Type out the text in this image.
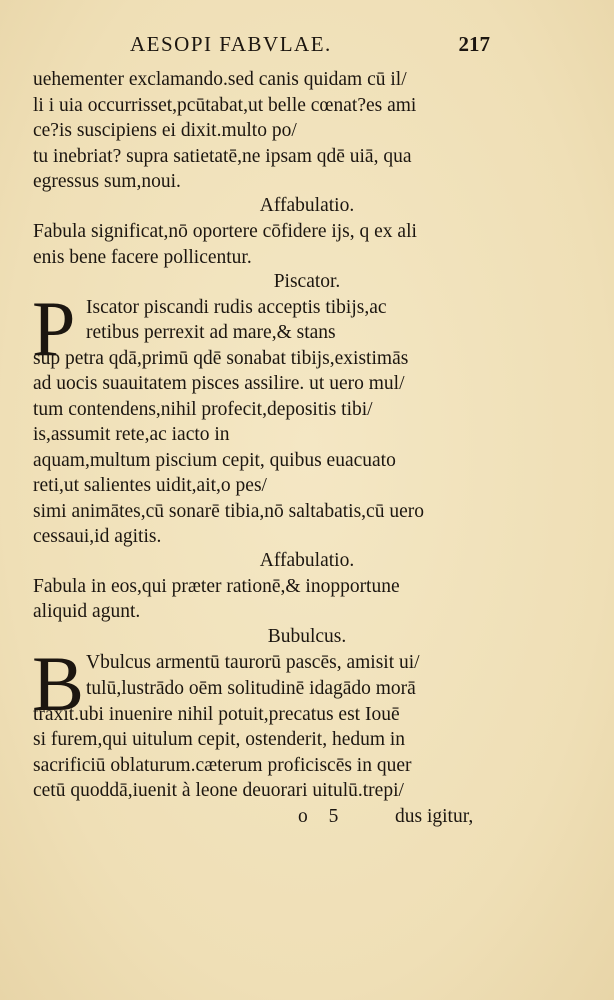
AESOPI FABVLAE.	217
uehementer exclamando.sed canis quidam cū il/
li i uia occurrisset,pcūtabat,ut belle cœnat?es ami
ce?is suscipiens ei dixit.multo po/
tu inebriat? supra satietatē,ne ipsam qdē uiā, qua
egressus sum,noui.
Affabulatio.
Fabula significat,nō oportere cōfidere ijs, q ex ali
enis bene facere pollicentur.
Piscator.
P Iscator piscandi rudis acceptis tibijs,ac
retibus perrexit ad mare,& stans
sup petra qdā,primū qdē sonabat tibijs,existimās
ad uocis suauitatem pisces assilire. ut uero mul/
tum contendens,nihil profecit,depositis tibi/
is,assumit rete,ac iacto in
aquam,multum piscium cepit, quibus euacuato
reti,ut salientes uidit,ait,o pes/
simi animātes,cū sonarē tibia,nō saltabatis,cū uero
cessaui,id agitis.
Affabulatio.
Fabula in eos,qui præter rationē,& inopportune
aliquid agunt.
Bubulcus.
B Vbulcus armentū taurorū pascēs, amisit ui/
tulū,lustrādo oēm solitudinē idagādo morā
traxit.ubi inuenire nihil potuit,precatus est Iouē
si furem,qui uitulum cepit, ostenderit, hedum in
sacrificiū oblaturum.cæterum proficiscēs in quer
cetū quoddā,iuenit à leone deuorari uitulū.trepi/
o 5 dus igitur,
